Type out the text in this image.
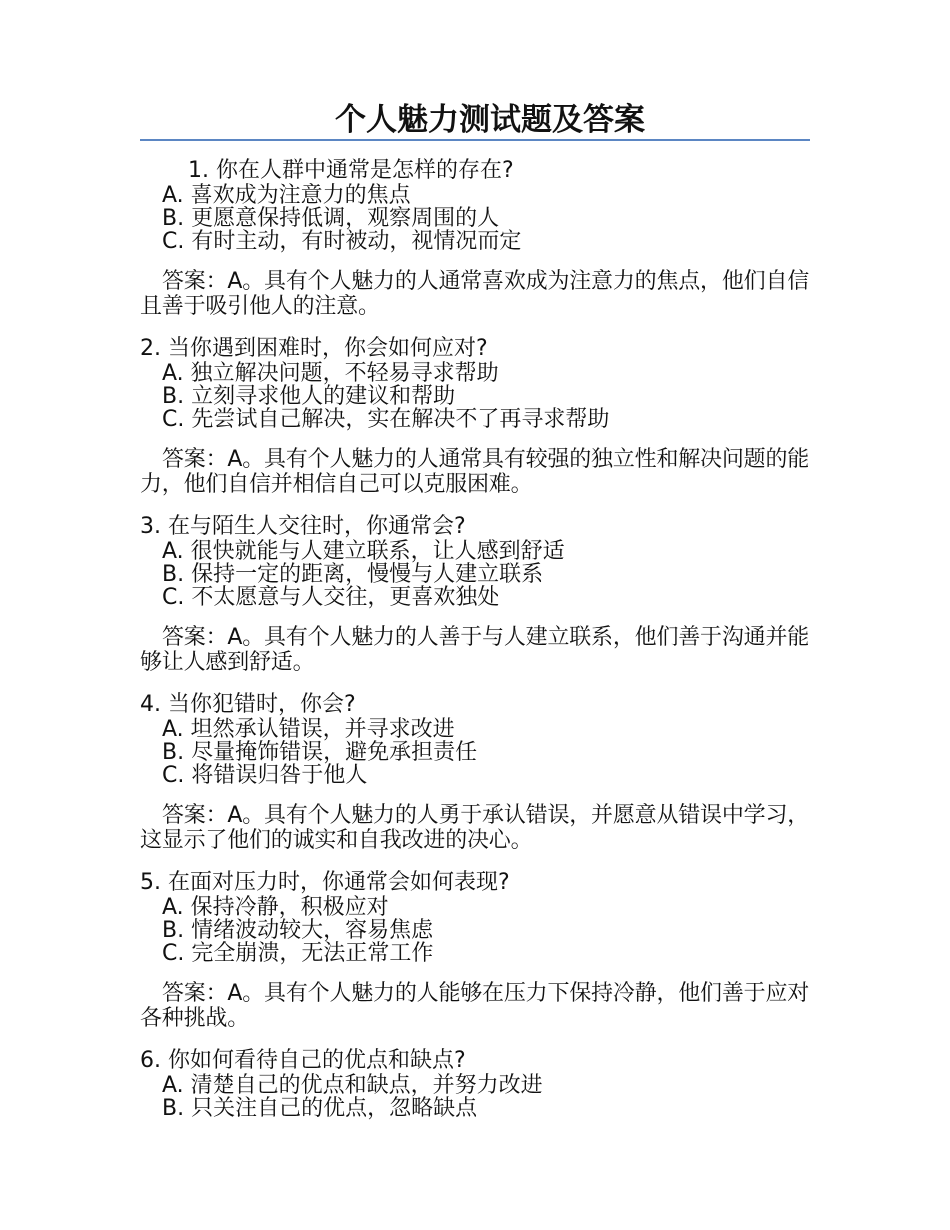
个人魅力测试题及答案
1. 你在人群中通常是怎样的存在?
A. 喜欢成为注意力的焦点
B. 更愿意保持低调，观察周围的人
C. 有时主动，有时被动，视情况而定
答案：A。具有个人魅力的人通常喜欢成为注意力的焦点，他们自信且善于吸引他人的注意。
2. 当你遇到困难时，你会如何应对?
A. 独立解决问题，不轻易寻求帮助
B. 立刻寻求他人的建议和帮助
C. 先尝试自己解决，实在解决不了再寻求帮助
答案：A。具有个人魅力的人通常具有较强的独立性和解决问题的能力，他们自信并相信自己可以克服困难。
3. 在与陌生人交往时，你通常会?
A. 很快就能与人建立联系，让人感到舒适
B. 保持一定的距离，慢慢与人建立联系
C. 不太愿意与人交往，更喜欢独处
答案：A。具有个人魅力的人善于与人建立联系，他们善于沟通并能够让人感到舒适。
4. 当你犯错时，你会?
A. 坦然承认错误，并寻求改进
B. 尽量掩饰错误，避免承担责任
C. 将错误归咎于他人
答案：A。具有个人魅力的人勇于承认错误，并愿意从错误中学习，这显示了他们的诚实和自我改进的决心。
5. 在面对压力时，你通常会如何表现?
A. 保持冷静，积极应对
B. 情绪波动较大，容易焦虑
C. 完全崩溃，无法正常工作
答案：A。具有个人魅力的人能够在压力下保持冷静，他们善于应对各种挑战。
6. 你如何看待自己的优点和缺点?
A. 清楚自己的优点和缺点，并努力改进
B. 只关注自己的优点，忽略缺点
